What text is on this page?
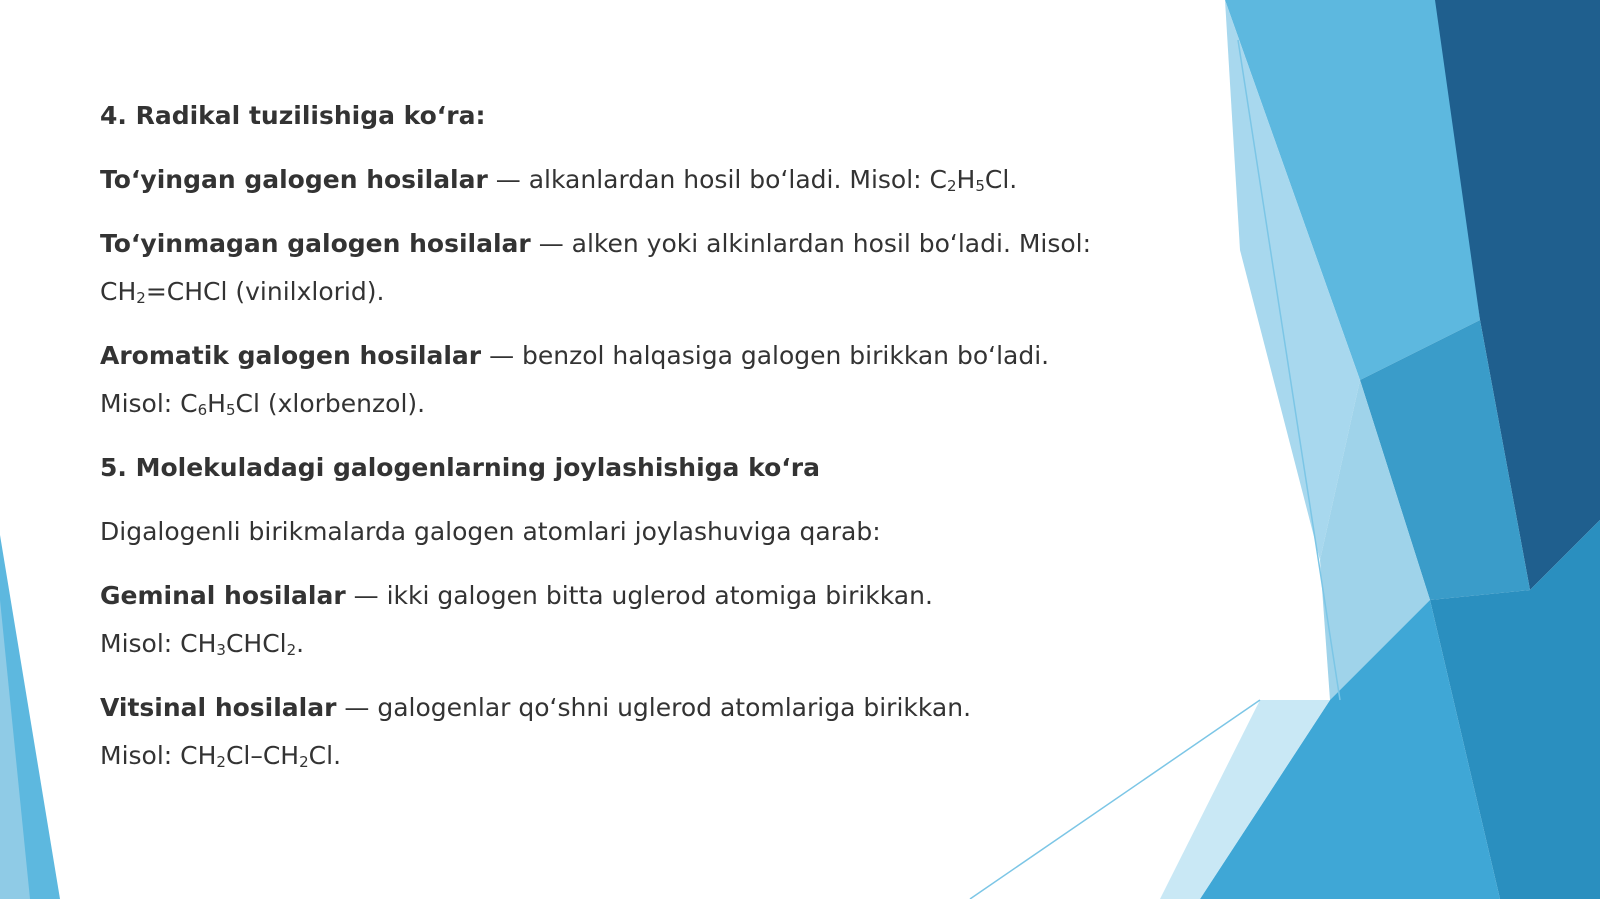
4. Radikal tuzilishiga ko‘ra:

To‘yingan galogen hosilalar — alkanlardan hosil bo‘ladi. Misol: $C_2H_5Cl$.

To‘yinmagan galogen hosilalar — alken yoki alkinlardan hosil bo‘ladi. Misol: $CH_2=CHCl$ (vinilxlorid).

Aromatik galogen hosilalar — benzol halqasiga galogen birikkan bo‘ladi.
Misol: $C_6H_5Cl$ (xlorbenzol).

5. Molekuladagi galogenlarning joylashishiga ko‘ra

Digalogenli birikmalarda galogen atomlari joylashuviga qarab:

Geminal hosilalar — ikki galogen bitta uglerod atomiga birikkan.
Misol: $CH_3CHCl_2$.

Vitsinal hosilalar — galogenlar qo‘shni uglerod atomlariga birikkan.
Misol: $CH_2Cl-CH_2Cl$.
